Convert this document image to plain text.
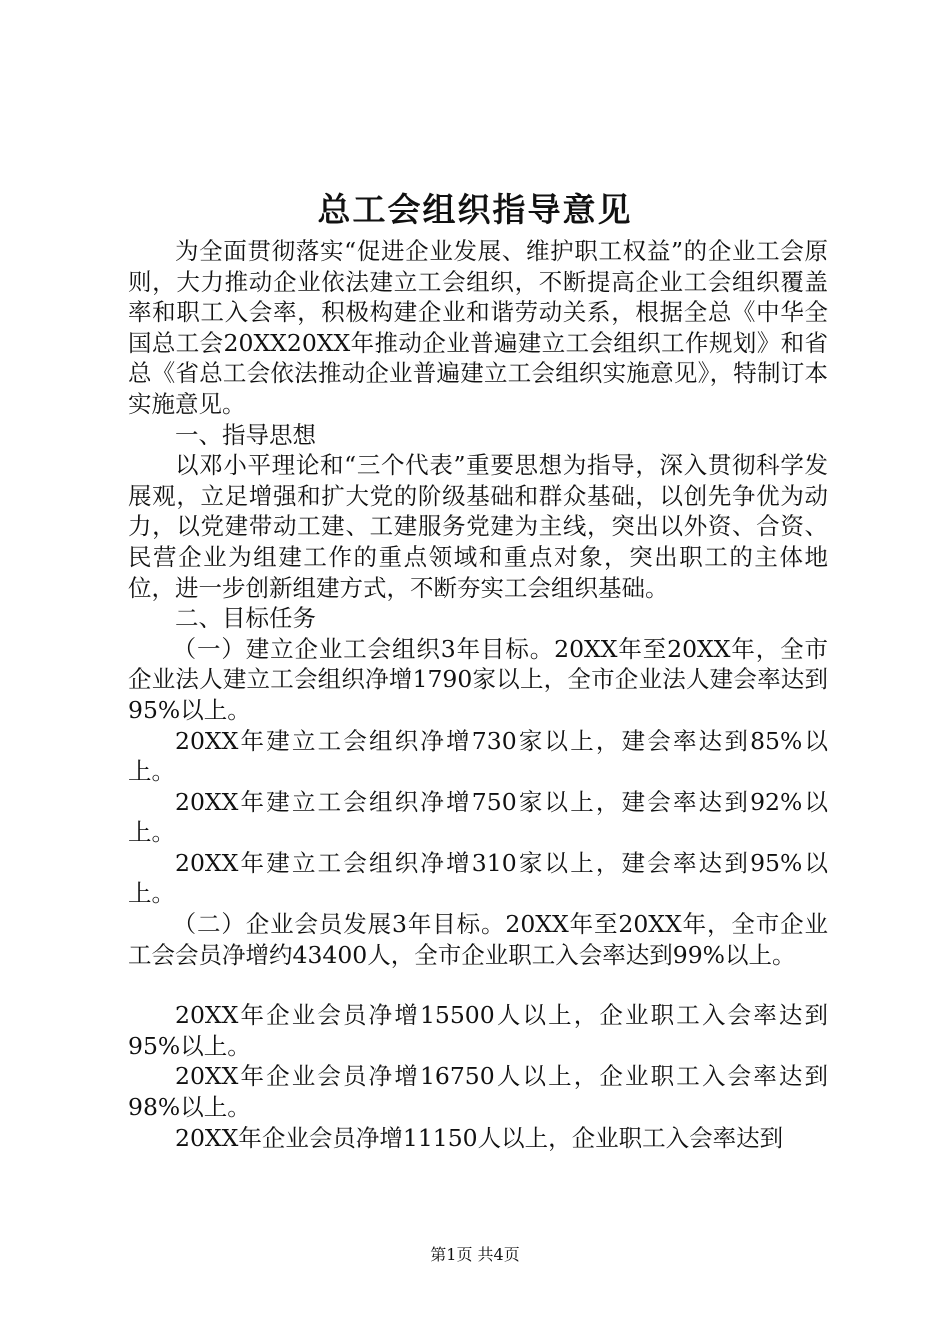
总工会组织指导意见

为全面贯彻落实“促进企业发展、维护职工权益”的企业工会原则，大力推动企业依法建立工会组织，不断提高企业工会组织覆盖率和职工入会率，积极构建企业和谐劳动关系，根据全总《中华全国总工会20XX20XX年推动企业普遍建立工会组织工作规划》和省总《省总工会依法推动企业普遍建立工会组织实施意见》，特制订本实施意见。

一、指导思想

以邓小平理论和“三个代表”重要思想为指导，深入贯彻科学发展观，立足增强和扩大党的阶级基础和群众基础，以创先争优为动力，以党建带动工建、工建服务党建为主线，突出以外资、合资、民营企业为组建工作的重点领域和重点对象，突出职工的主体地位，进一步创新组建方式，不断夯实工会组织基础。

二、目标任务

（一）建立企业工会组织3年目标。20XX年至20XX年，全市企业法人建立工会组织净增1790家以上，全市企业法人建会率达到95%以上。

20XX年建立工会组织净增730家以上，建会率达到85%以上。

20XX年建立工会组织净增750家以上，建会率达到92%以上。

20XX年建立工会组织净增310家以上，建会率达到95%以上。

（二）企业会员发展3年目标。20XX年至20XX年，全市企业工会会员净增约43400人，全市企业职工入会率达到99%以上。

20XX年企业会员净增15500人以上，企业职工入会率达到95%以上。

20XX年企业会员净增16750人以上，企业职工入会率达到98%以上。

20XX年企业会员净增11150人以上，企业职工入会率达到

第1页 共4页
